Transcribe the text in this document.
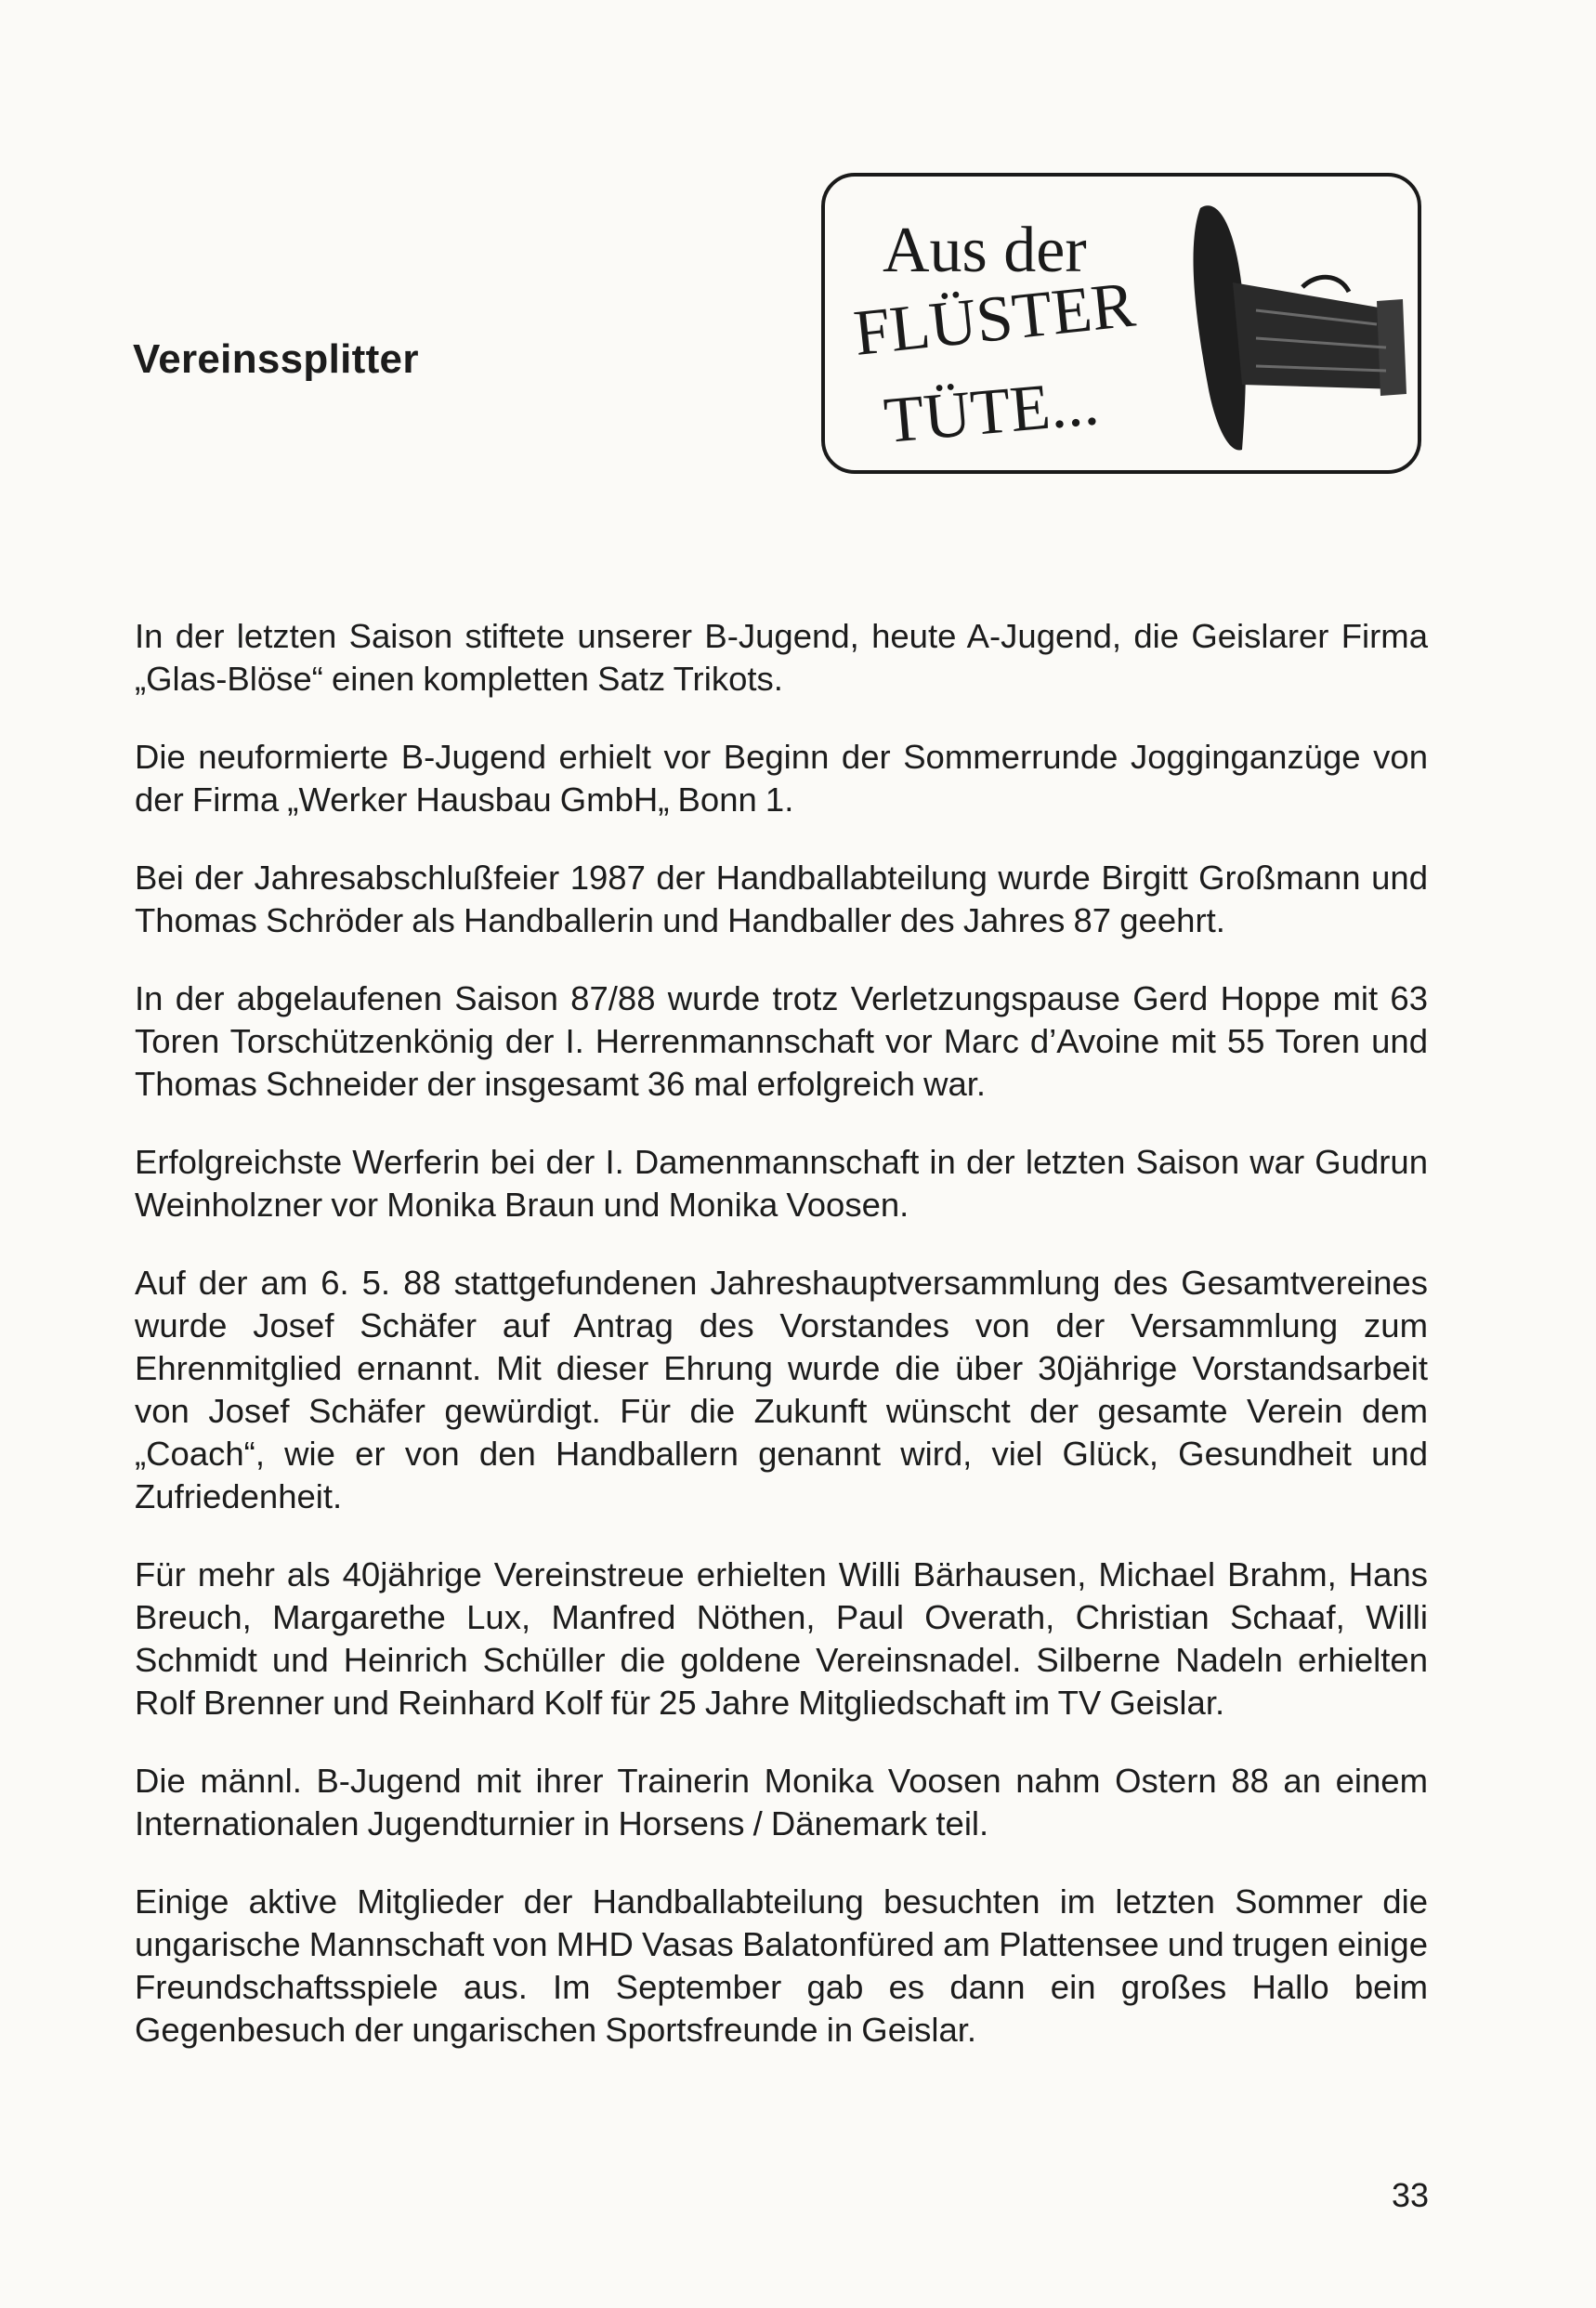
Vereinssplitter
Aus der
FLÜSTER
TÜTE...

In der letzten Saison stiftete unserer B-Jugend, heute A-Jugend, die Geislarer Firma „Glas-Blöse“ einen kompletten Satz Trikots.

Die neuformierte B-Jugend erhielt vor Beginn der Sommerrunde Jogginganzüge von der Firma „Werker Hausbau GmbH„ Bonn 1.

Bei der Jahresabschlußfeier 1987 der Handballabteilung wurde Birgitt Großmann und Thomas Schröder als Handballerin und Handballer des Jahres 87 geehrt.

In der abgelaufenen Saison 87/88 wurde trotz Verletzungspause Gerd Hoppe mit 63 Toren Torschützenkönig der I. Herrenmannschaft vor Marc d’Avoine mit 55 Toren und Thomas Schneider der insgesamt 36 mal erfolgreich war.

Erfolgreichste Werferin bei der I. Damenmannschaft in der letzten Saison war Gudrun Weinholzner vor Monika Braun und Monika Voosen.

Auf der am 6. 5. 88 stattgefundenen Jahreshauptversammlung des Gesamtvereines wurde Josef Schäfer auf Antrag des Vorstandes von der Versammlung zum Ehrenmitglied ernannt. Mit dieser Ehrung wurde die über 30jährige Vorstandsarbeit von Josef Schäfer gewürdigt. Für die Zukunft wünscht der gesamte Verein dem „Coach“, wie er von den Handballern genannt wird, viel Glück, Gesundheit und Zufriedenheit.

Für mehr als 40jährige Vereinstreue erhielten Willi Bärhausen, Michael Brahm, Hans Breuch, Margarethe Lux, Manfred Nöthen, Paul Overath, Christian Schaaf, Willi Schmidt und Heinrich Schüller die goldene Vereinsnadel. Silberne Nadeln erhielten Rolf Brenner und Reinhard Kolf für 25 Jahre Mitgliedschaft im TV Geislar.

Die männl. B-Jugend mit ihrer Trainerin Monika Voosen nahm Ostern 88 an einem Internationalen Jugendturnier in Horsens / Dänemark teil.

Einige aktive Mitglieder der Handballabteilung besuchten im letzten Sommer die ungarische Mannschaft von MHD Vasas Balatonfüred am Plattensee und trugen einige Freundschaftsspiele aus. Im September gab es dann ein großes Hallo beim Gegenbesuch der ungarischen Sportsfreunde in Geislar.

33
